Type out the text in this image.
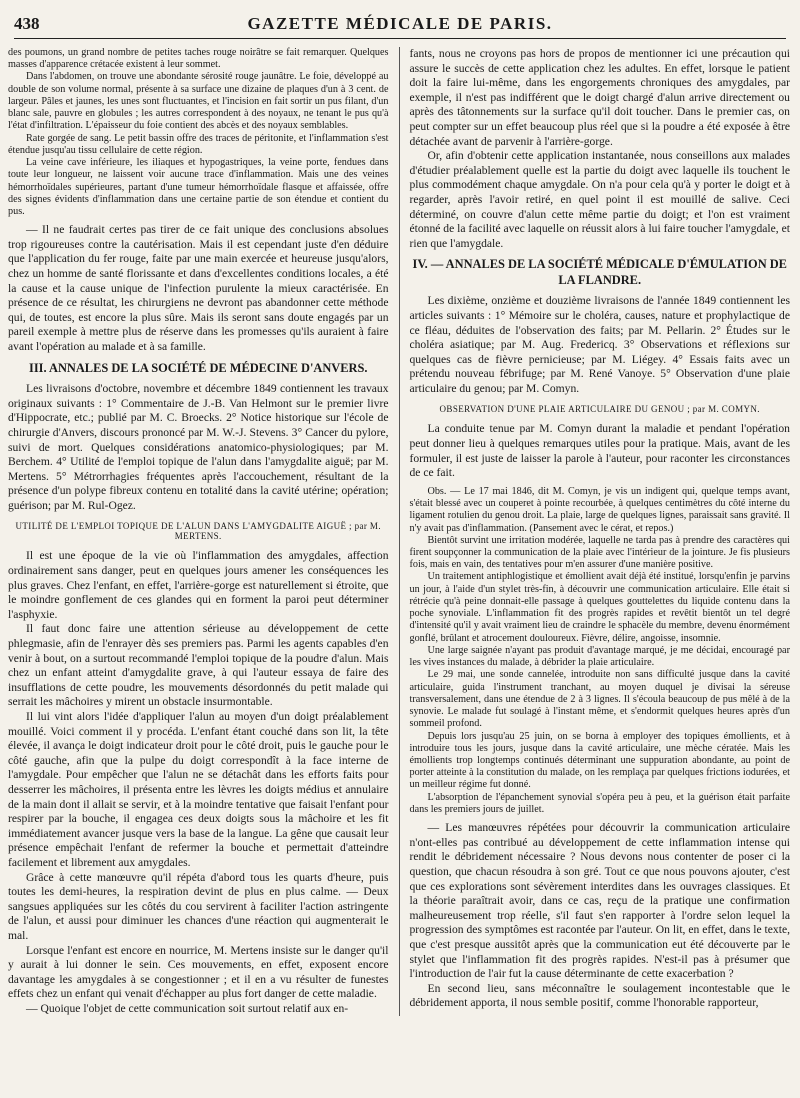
438	GAZETTE MÉDICALE DE PARIS.

des poumons, un grand nombre de petites taches rouge noirâtre se fait remarquer. Quelques masses d'apparence crétacée existent à leur sommet.

Dans l'abdomen, on trouve une abondante sérosité rouge jaunâtre. Le foie, développé au double de son volume normal, présente à sa surface une dizaine de plaques d'un à 3 cent. de largeur. Pâles et jaunes, les unes sont fluctuantes, et l'incision en fait sortir un pus filant, d'un blanc sale, pauvre en globules ; les autres correspondent à des noyaux, ne tenant le pus qu'à l'état d'infiltration. L'épaisseur du foie contient des abcès et des noyaux semblables.

Rate gorgée de sang. Le petit bassin offre des traces de péritonite, et l'inflammation s'est étendue jusqu'au tissu cellulaire de cette région.

La veine cave inférieure, les iliaques et hypogastriques, la veine porte, fendues dans toute leur longueur, ne laissent voir aucune trace d'inflammation. Mais une des veines hémorrhoïdales supérieures, partant d'une tumeur hémorrhoïdale flasque et affaissée, offre des signes évidents d'inflammation dans une certaine partie de son étendue et contient du pus.

— Il ne faudrait certes pas tirer de ce fait unique des conclusions absolues trop rigoureuses contre la cautérisation. Mais il est cependant juste d'en déduire que l'application du fer rouge, faite par une main exercée et heureuse jusqu'alors, chez un homme de santé florissante et dans d'excellentes conditions locales, a été la cause et la cause unique de l'infection purulente la mieux caractérisée. En présence de ce résultat, les chirurgiens ne devront pas abandonner cette méthode qui, de toutes, est encore la plus sûre. Mais ils seront sans doute engagés par un pareil exemple à mettre plus de réserve dans les promesses qu'ils auraient à faire avant l'opération au malade et à sa famille.

III. ANNALES DE LA SOCIÉTÉ DE MÉDECINE D'ANVERS.

Les livraisons d'octobre, novembre et décembre 1849 contiennent les travaux originaux suivants : 1° Commentaire de J.-B. Van Helmont sur le premier livre d'Hippocrate, etc.; publié par M. C. Broecks. 2° Notice historique sur l'école de chirurgie d'Anvers, discours prononcé par M. W.-J. Stevens. 3° Cancer du pylore, suivi de mort. Quelques considérations anatomico-physiologiques; par M. Berchem. 4° Utilité de l'emploi topique de l'alun dans l'amygdalite aiguë; par M. Mertens. 5° Métrorrhagies fréquentes après l'accouchement, résultant de la présence d'un polype fibreux contenu en totalité dans la cavité utérine; opération; guérison; par M. Rul-Ogez.

UTILITÉ DE L'EMPLOI TOPIQUE DE L'ALUN DANS L'AMYGDALITE AIGUË ; par M. MERTENS.

Il est une époque de la vie où l'inflammation des amygdales, affection ordinairement sans danger, peut en quelques jours amener les conséquences les plus graves. Chez l'enfant, en effet, l'arrière-gorge est naturellement si étroite, que le moindre gonflement de ces glandes qui en forment la paroi peut déterminer l'asphyxie.

Il faut donc faire une attention sérieuse au développement de cette phlegmasie, afin de l'enrayer dès ses premiers pas. Parmi les agents capables d'en venir à bout, on a surtout recommandé l'emploi topique de la poudre d'alun. Mais chez un enfant atteint d'amygdalite grave, à qui l'auteur essaya de faire des insufflations de cette poudre, les mouvements désordonnés du petit malade qui serrait les mâchoires y mirent un obstacle insurmontable.

Il lui vint alors l'idée d'appliquer l'alun au moyen d'un doigt préalablement mouillé. Voici comment il y procéda. L'enfant étant couché dans son lit, la tête élevée, il avança le doigt indicateur droit pour le côté droit, puis le gauche pour le côté gauche, afin que la pulpe du doigt correspondît à la face interne de l'amygdale. Pour empêcher que l'alun ne se détachât dans les efforts faits pour desserrer les mâchoires, il présenta entre les lèvres les doigts médius et annulaire de la main dont il allait se servir, et à la moindre tentative que faisait l'enfant pour respirer par la bouche, il engagea ces deux doigts sous la mâchoire et les fit immédiatement avancer jusque vers la base de la langue. La gêne que causait leur présence empêchait l'enfant de refermer la bouche et permettait d'atteindre facilement et librement aux amygdales.

Grâce à cette manœuvre qu'il répéta d'abord tous les quarts d'heure, puis toutes les demi-heures, la respiration devint de plus en plus calme. — Deux sangsues appliquées sur les côtés du cou servirent à faciliter l'action astringente de l'alun, et aussi pour diminuer les chances d'une réaction qui augmenterait le mal.

Lorsque l'enfant est encore en nourrice, M. Mertens insiste sur le danger qu'il y aurait à lui donner le sein. Ces mouvements, en effet, exposent encore davantage les amygdales à se congestionner ; et il en a vu résulter de funestes effets chez un enfant qui venait d'échapper au plus fort danger de cette maladie.

— Quoique l'objet de cette communication soit surtout relatif aux en-

fants, nous ne croyons pas hors de propos de mentionner ici une précaution qui assure le succès de cette application chez les adultes. En effet, lorsque le patient doit la faire lui-même, dans les engorgements chroniques des amygdales, par exemple, il n'est pas indifférent que le doigt chargé d'alun arrive directement ou après des tâtonnements sur la surface qu'il doit toucher. Dans le premier cas, on peut compter sur un effet beaucoup plus réel que si la poudre a été exposée à être détachée avant de parvenir à l'arrière-gorge.

Or, afin d'obtenir cette application instantanée, nous conseillons aux malades d'étudier préalablement quelle est la partie du doigt avec laquelle ils touchent le plus commodément chaque amygdale. On n'a pour cela qu'à y porter le doigt et à regarder, après l'avoir retiré, en quel point il est mouillé de salive. Ceci déterminé, on couvre d'alun cette même partie du doigt; et l'on est vraiment étonné de la facilité avec laquelle on réussit alors à lui faire toucher l'amygdale, et rien que l'amygdale.

IV. — ANNALES DE LA SOCIÉTÉ MÉDICALE D'ÉMULATION DE LA FLANDRE.

Les dixième, onzième et douzième livraisons de l'année 1849 contiennent les articles suivants : 1° Mémoire sur le choléra, causes, nature et prophylactique de ce fléau, déduites de l'observation des faits; par M. Pellarin. 2° Études sur le choléra asiatique; par M. Aug. Fredericq. 3° Observations et réflexions sur quelques cas de fièvre pernicieuse; par M. Liégey. 4° Essais faits avec un prétendu nouveau fébrifuge; par M. René Vanoye. 5° Observation d'une plaie articulaire du genou; par M. Comyn.

OBSERVATION D'UNE PLAIE ARTICULAIRE DU GENOU ; par M. COMYN.

La conduite tenue par M. Comyn durant la maladie et pendant l'opération peut donner lieu à quelques remarques utiles pour la pratique. Mais, avant de les formuler, il est juste de laisser la parole à l'auteur, pour raconter les circonstances de ce fait.

Obs. — Le 17 mai 1846, dit M. Comyn, je vis un indigent qui, quelque temps avant, s'était blessé avec un couperet à pointe recourbée, à quelques centimètres du côté interne du ligament rotulien du genou droit. La plaie, large de quelques lignes, paraissait sans gravité. Il n'y avait pas d'inflammation. (Pansement avec le cérat, et repos.)

Bientôt survint une irritation modérée, laquelle ne tarda pas à prendre des caractères qui firent soupçonner la communication de la plaie avec l'intérieur de la jointure. Je fis plusieurs fois, mais en vain, des tentatives pour m'en assurer d'une manière positive.

Un traitement antiphlogistique et émollient avait déjà été institué, lorsqu'enfin je parvins un jour, à l'aide d'un stylet très-fin, à découvrir une communication articulaire. Elle était si rétrécie qu'à peine donnait-elle passage à quelques gouttelettes du liquide contenu dans la poche synoviale. L'inflammation fit des progrès rapides et revêtit bientôt un tel degré d'intensité qu'il y avait vraiment lieu de craindre le sphacèle du membre, devenu énormément gonflé, brûlant et atrocement douloureux. Fièvre, délire, angoisse, insomnie.

Une large saignée n'ayant pas produit d'avantage marqué, je me décidai, encouragé par les vives instances du malade, à débrider la plaie articulaire.

Le 29 mai, une sonde cannelée, introduite non sans difficulté jusque dans la cavité articulaire, guida l'instrument tranchant, au moyen duquel je divisai la séreuse transversalement, dans une étendue de 2 à 3 lignes. Il s'écoula beaucoup de pus mêlé à de la synovie. Le malade fut soulagé à l'instant même, et s'endormit quelques heures après d'un sommeil profond.

Depuis lors jusqu'au 25 juin, on se borna à employer des topiques émollients, et à introduire tous les jours, jusque dans la cavité articulaire, une mèche cératée. Mais les émollients trop longtemps continués déterminant une suppuration abondante, au point de porter atteinte à la constitution du malade, on les remplaça par quelques frictions iodurées, et un meilleur régime fut donné.

L'absorption de l'épanchement synovial s'opéra peu à peu, et la guérison était parfaite dans les premiers jours de juillet.

— Les manœuvres répétées pour découvrir la communication articulaire n'ont-elles pas contribué au développement de cette inflammation intense qui rendit le débridement nécessaire ? Nous devons nous contenter de poser ci la question, que chacun résoudra à son gré. Tout ce que nous pouvons ajouter, c'est que ces explorations sont sévèrement interdites dans les ouvrages classiques. Et la théorie paraîtrait avoir, dans ce cas, reçu de la pratique une confirmation malheureusement trop réelle, s'il faut s'en rapporter à l'ordre selon lequel la progression des symptômes est racontée par l'auteur. On lit, en effet, dans le texte, que c'est presque aussitôt après que la communication eut été découverte par le stylet que l'inflammation fit des progrès rapides. N'est-il pas à présumer que l'introduction de l'air fut la cause déterminante de cette exacerbation ?

En second lieu, sans méconnaître le soulagement incontestable que le débridement apporta, il nous semble positif, comme l'honorable rapporteur,
